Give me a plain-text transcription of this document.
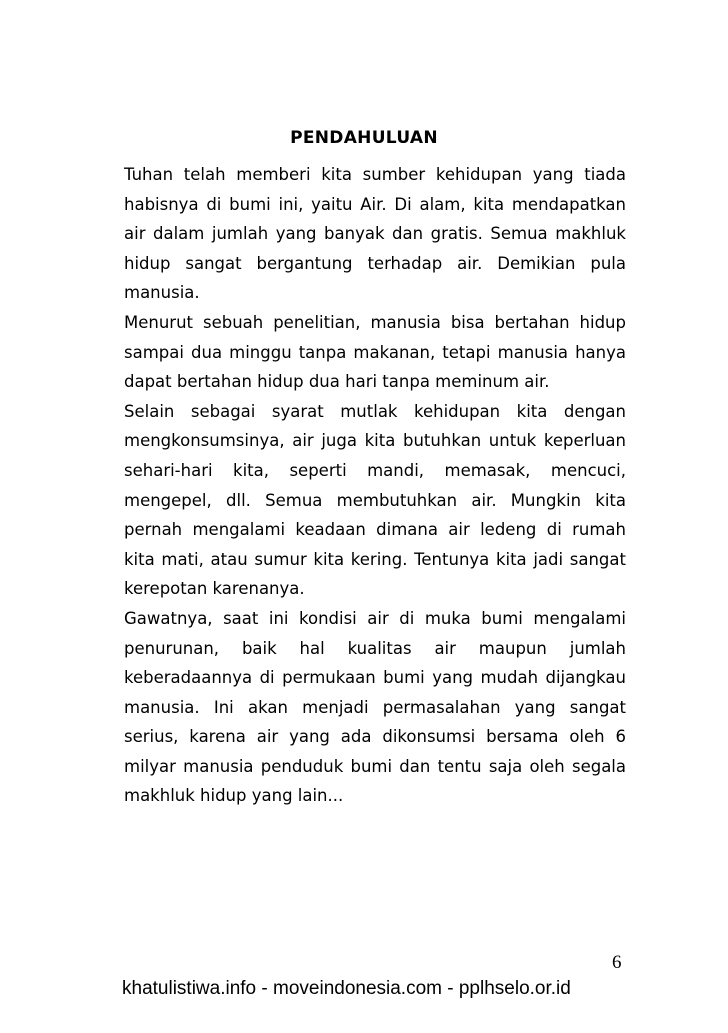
PENDAHULUAN

Tuhan telah memberi kita sumber kehidupan yang tiada habisnya di bumi ini, yaitu Air. Di alam, kita mendapatkan air dalam jumlah yang banyak dan gratis. Semua makhluk hidup sangat bergantung terhadap air. Demikian pula manusia.

Menurut sebuah penelitian, manusia bisa bertahan hidup sampai dua minggu tanpa makanan, tetapi manusia hanya dapat bertahan hidup dua hari tanpa meminum air.

Selain sebagai syarat mutlak kehidupan kita dengan mengkonsumsinya, air juga kita butuhkan untuk keperluan sehari-hari kita, seperti mandi, memasak, mencuci, mengepel, dll. Semua membutuhkan air. Mungkin kita pernah mengalami keadaan dimana air ledeng di rumah kita mati, atau sumur kita kering. Tentunya kita jadi sangat kerepotan karenanya.

Gawatnya, saat ini kondisi air di muka bumi mengalami penurunan, baik hal kualitas air maupun jumlah keberadaannya di permukaan bumi yang mudah dijangkau manusia. Ini akan menjadi permasalahan yang sangat serius, karena air yang ada dikonsumsi bersama oleh 6 milyar manusia penduduk bumi dan tentu saja oleh segala makhluk hidup yang lain...

6
khatulistiwa.info - moveindonesia.com - pplhselo.or.id
